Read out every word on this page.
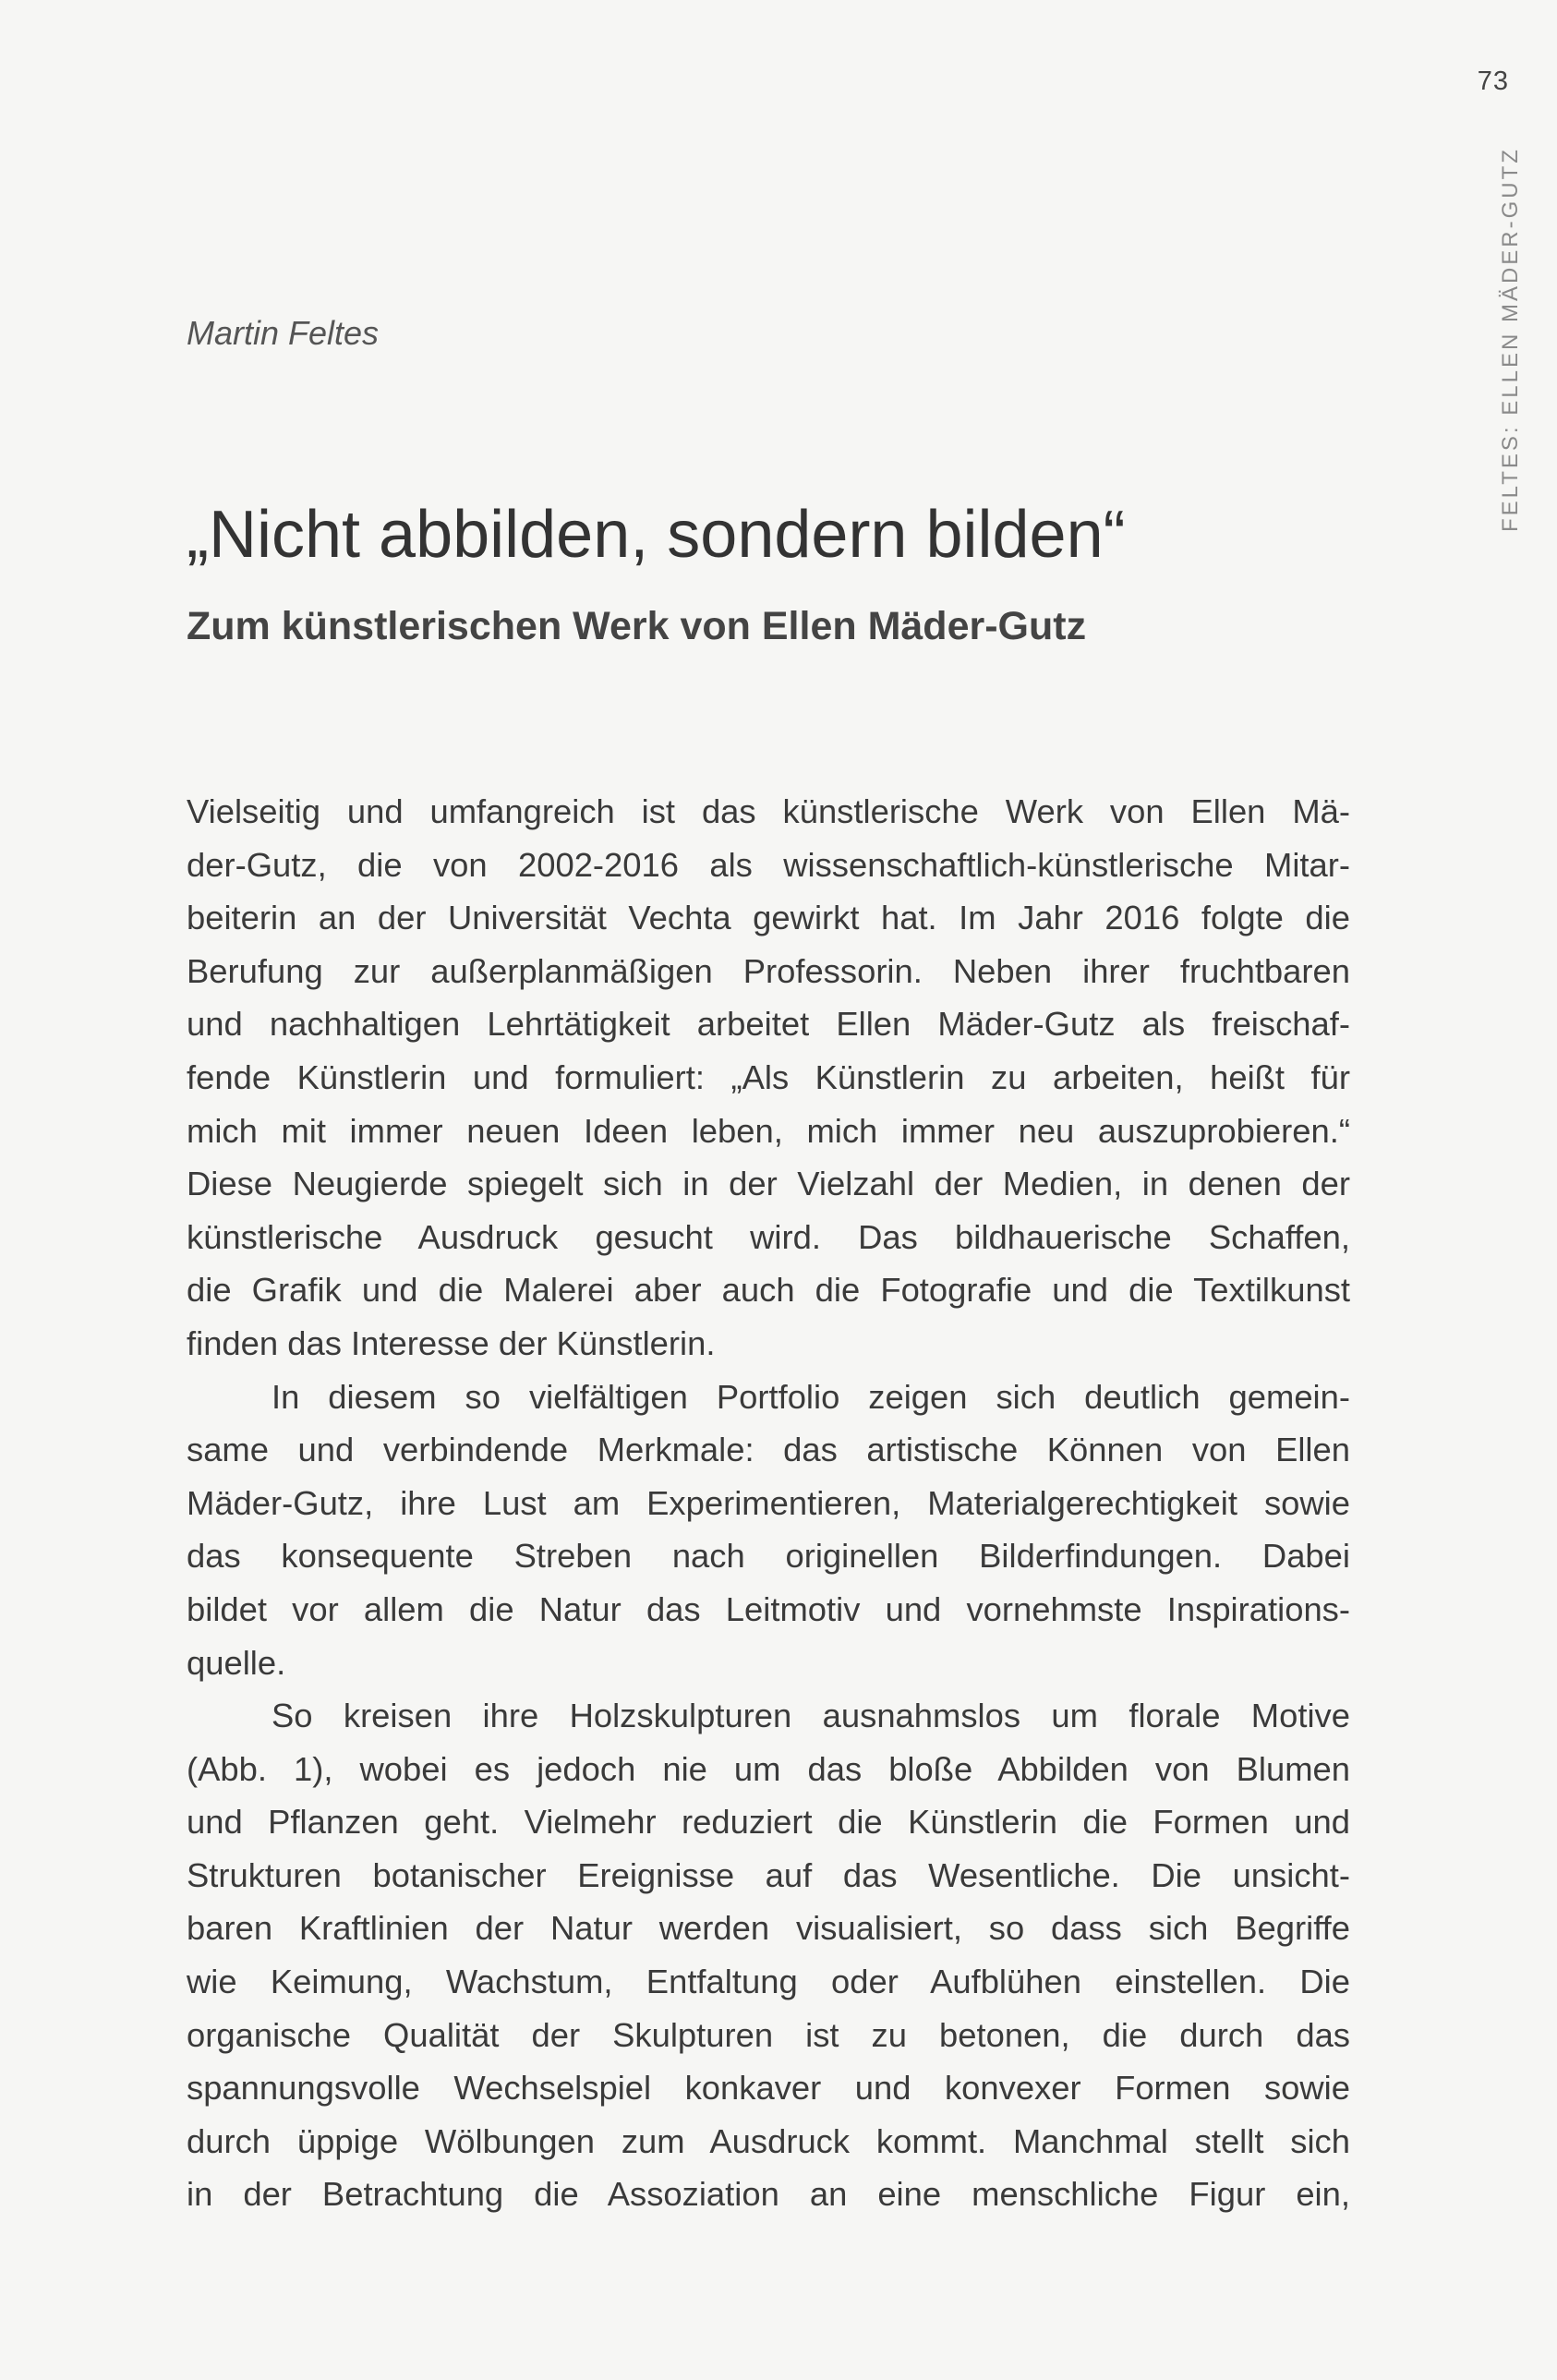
73
FELTES: ELLEN MÄDER-GUTZ
Martin Feltes
„Nicht abbilden, sondern bilden“
Zum künstlerischen Werk von Ellen Mäder-Gutz
Vielseitig und umfangreich ist das künstlerische Werk von Ellen Mä-
der-Gutz, die von 2002-2016 als wissenschaftlich-künstlerische Mitar-
beiterin an der Universität Vechta gewirkt hat. Im Jahr 2016 folgte die
Berufung zur außerplanmäßigen Professorin. Neben ihrer fruchtbaren
und nachhaltigen Lehrtätigkeit arbeitet Ellen Mäder-Gutz als freischaf-
fende Künstlerin und formuliert: „Als Künstlerin zu arbeiten, heißt für
mich mit immer neuen Ideen leben, mich immer neu auszuprobieren.“
Diese Neugierde spiegelt sich in der Vielzahl der Medien, in denen der
künstlerische Ausdruck gesucht wird. Das bildhauerische Schaffen,
die Grafik und die Malerei aber auch die Fotografie und die Textilkunst
finden das Interesse der Künstlerin.
In diesem so vielfältigen Portfolio zeigen sich deutlich gemein-
same und verbindende Merkmale: das artistische Können von Ellen
Mäder-Gutz, ihre Lust am Experimentieren, Materialgerechtigkeit sowie
das konsequente Streben nach originellen Bilderfindungen. Dabei
bildet vor allem die Natur das Leitmotiv und vornehmste Inspirations-
quelle.
So kreisen ihre Holzskulpturen ausnahmslos um florale Motive
(Abb. 1), wobei es jedoch nie um das bloße Abbilden von Blumen
und Pflanzen geht. Vielmehr reduziert die Künstlerin die Formen und
Strukturen botanischer Ereignisse auf das Wesentliche. Die unsicht-
baren Kraftlinien der Natur werden visualisiert, so dass sich Begriffe
wie Keimung, Wachstum, Entfaltung oder Aufblühen einstellen. Die
organische Qualität der Skulpturen ist zu betonen, die durch das
spannungsvolle Wechselspiel konkaver und konvexer Formen sowie
durch üppige Wölbungen zum Ausdruck kommt. Manchmal stellt sich
in der Betrachtung die Assoziation an eine menschliche Figur ein,
